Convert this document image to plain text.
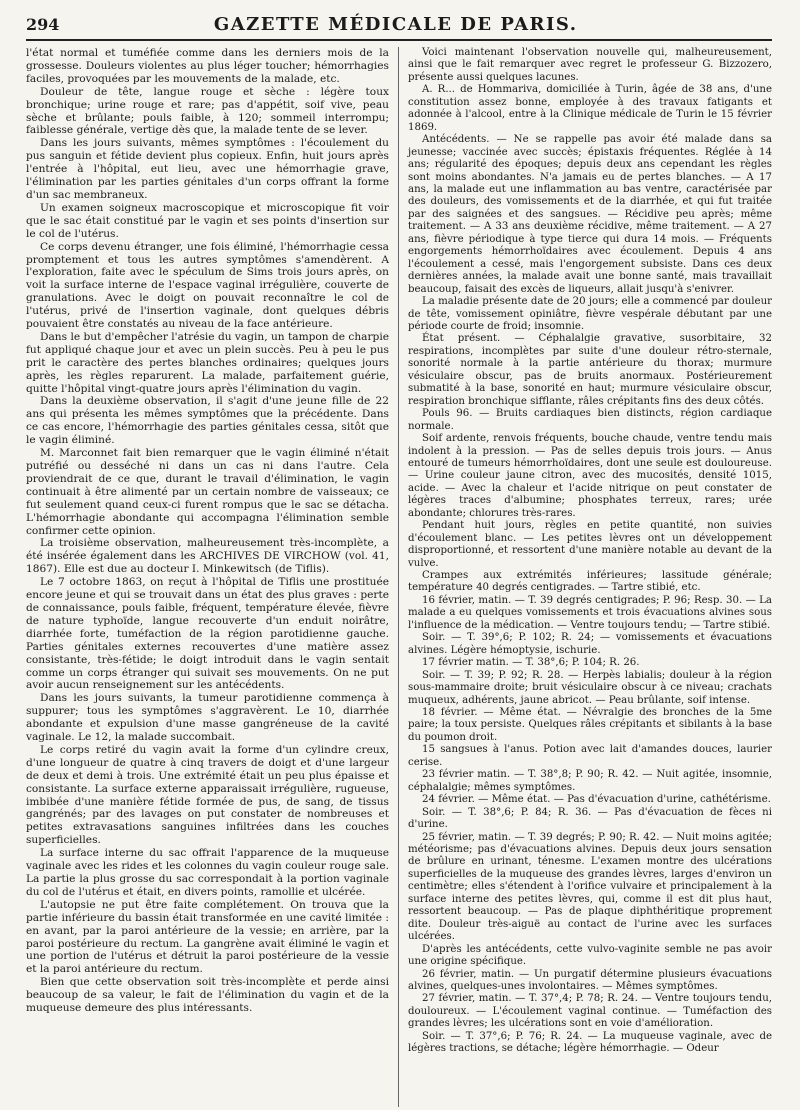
294	GAZETTE MÉDICALE DE PARIS.

l'état normal et tuméfiée comme dans les derniers mois de la grossesse. Douleurs violentes au plus léger toucher; hémorrhagies faciles, provoquées par les mouvements de la malade, etc.

Douleur de tête, langue rouge et sèche : légère toux bronchique; urine rouge et rare; pas d'appétit, soif vive, peau sèche et brûlante; pouls faible, à 120; sommeil interrompu; faiblesse générale, vertige dès que, la malade tente de se lever.

Dans les jours suivants, mêmes symptômes : l'écoulement du pus sanguin et fétide devient plus copieux. Enfin, huit jours après l'entrée à l'hôpital, eut lieu, avec une hémorrhagie grave, l'élimination par les parties génitales d'un corps offrant la forme d'un sac membraneux.

Un examen soigneux macroscopique et microscopique fit voir que le sac était constitué par le vagin et ses points d'insertion sur le col de l'utérus.

Ce corps devenu étranger, une fois éliminé, l'hémorrhagie cessa promptement et tous les autres symptômes s'amendèrent. A l'exploration, faite avec le spéculum de Sims trois jours après, on voit la surface interne de l'espace vaginal irrégulière, couverte de granulations. Avec le doigt on pouvait reconnaître le col de l'utérus, privé de l'insertion vaginale, dont quelques débris pouvaient être constatés au niveau de la face antérieure.

Dans le but d'empêcher l'atrésie du vagin, un tampon de charpie fut appliqué chaque jour et avec un plein succès. Peu à peu le pus prit le caractère des pertes blanches ordinaires; quelques jours après, les règles reparurent. La malade, parfaitement guérie, quitte l'hôpital vingt-quatre jours après l'élimination du vagin.

Dans la deuxième observation, il s'agit d'une jeune fille de 22 ans qui présenta les mêmes symptômes que la précédente. Dans ce cas encore, l'hémorrhagie des parties génitales cessa, sitôt que le vagin éliminé.

M. Marconnet fait bien remarquer que le vagin éliminé n'était putréfié ou desséché ni dans un cas ni dans l'autre. Cela proviendrait de ce que, durant le travail d'élimination, le vagin continuait à être alimenté par un certain nombre de vaisseaux; ce fut seulement quand ceux-ci furent rompus que le sac se détacha. L'hémorrhagie abondante qui accompagna l'élimination semble confirmer cette opinion.

La troisième observation, malheureusement très-incomplète, a été insérée également dans les ARCHIVES DE VIRCHOW (vol. 41, 1867). Elle est due au docteur I. Minkewitsch (de Tiflis).

Le 7 octobre 1863, on reçut à l'hôpital de Tiflis une prostituée encore jeune et qui se trouvait dans un état des plus graves : perte de connaissance, pouls faible, fréquent, température élevée, fièvre de nature typhoïde, langue recouverte d'un enduit noirâtre, diarrhée forte, tuméfaction de la région parotidienne gauche. Parties génitales externes recouvertes d'une matière assez consistante, très-fétide; le doigt introduit dans le vagin sentait comme un corps étranger qui suivait ses mouvements. On ne put avoir aucun renseignement sur les antécédents.

Dans les jours suivants, la tumeur parotidienne commença à suppurer; tous les symptômes s'aggravèrent. Le 10, diarrhée abondante et expulsion d'une masse gangréneuse de la cavité vaginale. Le 12, la malade succombait.

Le corps retiré du vagin avait la forme d'un cylindre creux, d'une longueur de quatre à cinq travers de doigt et d'une largeur de deux et demi à trois. Une extrémité était un peu plus épaisse et consistante. La surface externe apparaissait irrégulière, rugueuse, imbibée d'une manière fétide formée de pus, de sang, de tissus gangrénés; par des lavages on put constater de nombreuses et petites extravasations sanguines infiltrées dans les couches superficielles.

La surface interne du sac offrait l'apparence de la muqueuse vaginale avec les rides et les colonnes du vagin couleur rouge sale. La partie la plus grosse du sac correspondait à la portion vaginale du col de l'utérus et était, en divers points, ramollie et ulcérée.

L'autopsie ne put être faite complétement. On trouva que la partie inférieure du bassin était transformée en une cavité limitée : en avant, par la paroi antérieure de la vessie; en arrière, par la paroi postérieure du rectum. La gangrène avait éliminé le vagin et une portion de l'utérus et détruit la paroi postérieure de la vessie et la paroi antérieure du rectum.

Bien que cette observation soit très-incomplète et perde ainsi beaucoup de sa valeur, le fait de l'élimination du vagin et de la muqueuse demeure des plus intéressants.

Voici maintenant l'observation nouvelle qui, malheureusement, ainsi que le fait remarquer avec regret le professeur G. Bizzozero, présente aussi quelques lacunes.

A. R... de Hommariva, domiciliée à Turin, âgée de 38 ans, d'une constitution assez bonne, employée à des travaux fatigants et adonnée à l'alcool, entre à la Clinique médicale de Turin le 15 février 1869.

Antécédents. — Ne se rappelle pas avoir été malade dans sa jeunesse; vaccinée avec succès; épistaxis fréquentes. Réglée à 14 ans; régularité des époques; depuis deux ans cependant les règles sont moins abondantes. N'a jamais eu de pertes blanches. — A 17 ans, la malade eut une inflammation au bas ventre, caractérisée par des douleurs, des vomissements et de la diarrhée, et qui fut traitée par des saignées et des sangsues. — Récidive peu après; même traitement. — A 33 ans deuxième récidive, même traitement. — A 27 ans, fièvre périodique à type tierce qui dura 14 mois. — Fréquents engorgements hémorrhoïdaires avec écoulement. Depuis 4 ans l'écoulement a cessé, mais l'engorgement subsiste. Dans ces deux dernières années, la malade avait une bonne santé, mais travaillait beaucoup, faisait des excès de liqueurs, allait jusqu'à s'enivrer.

La maladie présente date de 20 jours; elle a commencé par douleur de tête, vomissement opiniâtre, fièvre vespérale débutant par une période courte de froid; insomnie.

État présent. — Céphalalgie gravative, susorbitaire, 32 respirations, incomplètes par suite d'une douleur rétro-sternale, sonorité normale à la partie antérieure du thorax; murmure vésiculaire obscur, pas de bruits anormaux. Postérieurement submatité à la base, sonorité en haut; murmure vésiculaire obscur, respiration bronchique sifflante, râles crépitants fins des deux côtés.

Pouls 96. — Bruits cardiaques bien distincts, région cardiaque normale.

Soif ardente, renvois fréquents, bouche chaude, ventre tendu mais indolent à la pression. — Pas de selles depuis trois jours. — Anus entouré de tumeurs hémorrhoïdaires, dont une seule est douloureuse. — Urine couleur jaune citron, avec des mucosités, densité 1015, acide. — Avec la chaleur et l'acide nitrique on peut constater de légères traces d'albumine; phosphates terreux, rares; urée abondante; chlorures très-rares.

Pendant huit jours, règles en petite quantité, non suivies d'écoulement blanc. — Les petites lèvres ont un développement disproportionné, et ressortent d'une manière notable au devant de la vulve.

Crampes aux extrémités inférieures; lassitude générale; température 40 degrés centigrades. — Tartre stibié, etc.

16 février, matin. — T. 39 degrés centigrades; P. 96; Resp. 30. — La malade a eu quelques vomissements et trois évacuations alvines sous l'influence de la médication. — Ventre toujours tendu; — Tartre stibié.

Soir. — T. 39°,6; P. 102; R. 24; — vomissements et évacuations alvines. Légère hémoptysie, ischurie.

17 février matin. — T. 38°,6; P. 104; R. 26.

Soir. — T. 39; P. 92; R. 28. — Herpès labialis; douleur à la région sous-mammaire droite; bruit vésiculaire obscur à ce niveau; crachats muqueux, adhérents, jaune abricot. — Peau brûlante, soif intense.

18 février. — Même état. — Névralgie des bronches de la 5me paire; la toux persiste. Quelques râles crépitants et sibilants à la base du poumon droit.

15 sangsues à l'anus. Potion avec lait d'amandes douces, laurier cerise.

23 février matin. — T. 38°,8; P. 90; R. 42. — Nuit agitée, insomnie, céphalalgie; mêmes symptômes.

24 février. — Même état. — Pas d'évacuation d'urine, cathétérisme.

Soir. — T. 38°,6; P. 84; R. 36. — Pas d'évacuation de fèces ni d'urine.

25 février, matin. — T. 39 degrés; P. 90; R. 42. — Nuit moins agitée; météorisme; pas d'évacuations alvines. Depuis deux jours sensation de brûlure en urinant, ténesme. L'examen montre des ulcérations superficielles de la muqueuse des grandes lèvres, larges d'environ un centimètre; elles s'étendent à l'orifice vulvaire et principalement à la surface interne des petites lèvres, qui, comme il est dit plus haut, ressortent beaucoup. — Pas de plaque diphthéritique proprement dite. Douleur très-aiguë au contact de l'urine avec les surfaces ulcérées.

D'après les antécédents, cette vulvo-vaginite semble ne pas avoir une origine spécifique.

26 février, matin. — Un purgatif détermine plusieurs évacuations alvines, quelques-unes involontaires. — Mêmes symptômes.

27 février, matin. — T. 37°,4; P. 78; R. 24. — Ventre toujours tendu, douloureux. — L'écoulement vaginal continue. — Tuméfaction des grandes lèvres; les ulcérations sont en voie d'amélioration.

Soir. — T. 37°,6; P. 76; R. 24. — La muqueuse vaginale, avec de légères tractions, se détache; légère hémorrhagie. — Odeur
